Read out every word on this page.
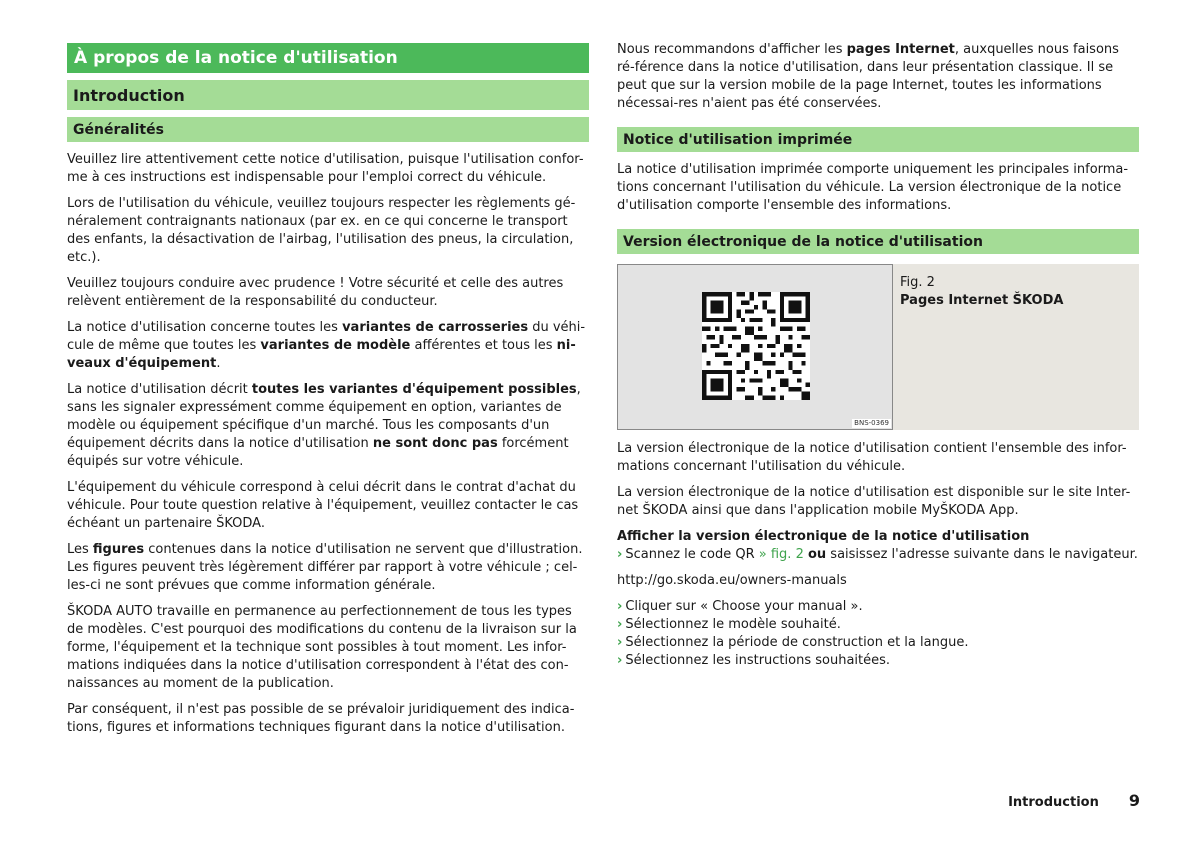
À propos de la notice d'utilisation
Introduction
Généralités

Veuillez lire attentivement cette notice d'utilisation, puisque l'utilisation confor-me à ces instructions est indispensable pour l'emploi correct du véhicule.

Lors de l'utilisation du véhicule, veuillez toujours respecter les règlements gé-néralement contraignants nationaux (par ex. en ce qui concerne le transport des enfants, la désactivation de l'airbag, l'utilisation des pneus, la circulation, etc.).

Veuillez toujours conduire avec prudence ! Votre sécurité et celle des autres relèvent entièrement de la responsabilité du conducteur.

La notice d'utilisation concerne toutes les variantes de carrosseries du véhi-cule de même que toutes les variantes de modèle afférentes et tous les ni-veaux d'équipement.

La notice d'utilisation décrit toutes les variantes d'équipement possibles, sans les signaler expressément comme équipement en option, variantes de modèle ou équipement spécifique d'un marché. Tous les composants d'un équipement décrits dans la notice d'utilisation ne sont donc pas forcément équipés sur votre véhicule.

L'équipement du véhicule correspond à celui décrit dans le contrat d'achat du véhicule. Pour toute question relative à l'équipement, veuillez contacter le cas échéant un partenaire ŠKODA.

Les figures contenues dans la notice d'utilisation ne servent que d'illustration. Les figures peuvent très légèrement différer par rapport à votre véhicule ; cel-les-ci ne sont prévues que comme information générale.

ŠKODA AUTO travaille en permanence au perfectionnement de tous les types de modèles. C'est pourquoi des modifications du contenu de la livraison sur la forme, l'équipement et la technique sont possibles à tout moment. Les infor-mations indiquées dans la notice d'utilisation correspondent à l'état des con-naissances au moment de la publication.

Par conséquent, il n'est pas possible de se prévaloir juridiquement des indica-tions, figures et informations techniques figurant dans la notice d'utilisation.

Nous recommandons d'afficher les pages Internet, auxquelles nous faisons ré-férence dans la notice d'utilisation, dans leur présentation classique. Il se peut que sur la version mobile de la page Internet, toutes les informations nécessai-res n'aient pas été conservées.

Notice d'utilisation imprimée

La notice d'utilisation imprimée comporte uniquement les principales informa-tions concernant l'utilisation du véhicule. La version électronique de la notice d'utilisation comporte l'ensemble des informations.

Version électronique de la notice d'utilisation
BNS-0369
Fig. 2
Pages Internet ŠKODA

La version électronique de la notice d'utilisation contient l'ensemble des infor-mations concernant l'utilisation du véhicule.

La version électronique de la notice d'utilisation est disponible sur le site Inter-net ŠKODA ainsi que dans l'application mobile MyŠKODA App.

Afficher la version électronique de la notice d'utilisation

› Scannez le code QR » fig. 2 ou saisissez l'adresse suivante dans le navigateur.

http://go.skoda.eu/owners-manuals

› Cliquer sur « Choose your manual ».
› Sélectionnez le modèle souhaité.
› Sélectionnez la période de construction et la langue.
› Sélectionnez les instructions souhaitées.
Introduction 9
